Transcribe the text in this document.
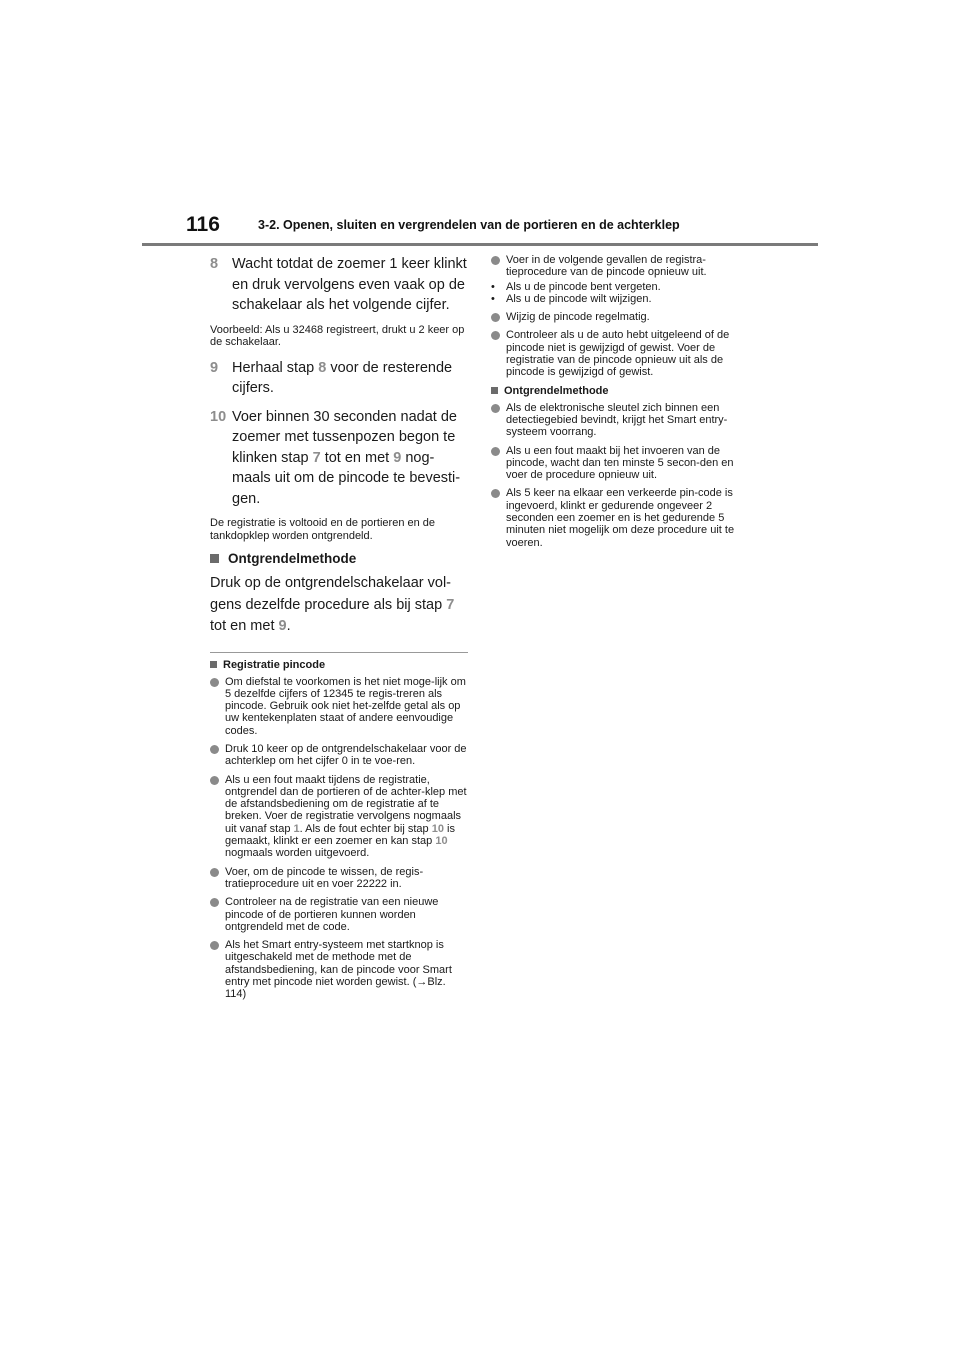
116	3-2. Openen, sluiten en vergrendelen van de portieren en de achterklep
8 Wacht totdat de zoemer 1 keer klinkt en druk vervolgens even vaak op de schakelaar als het volgende cijfer.

Voorbeeld: Als u 32468 registreert, drukt u 2 keer op de schakelaar.

9 Herhaal stap 8 voor de resterende cijfers.
10 Voer binnen 30 seconden nadat de zoemer met tussenpozen begon te klinken stap 7 tot en met 9 nog-maals uit om de pincode te bevesti-gen.

De registratie is voltooid en de portieren en de tankdopklep worden ontgrendeld.

Ontgrendelmethode

Druk op de ontgrendelschakelaar vol-gens dezelfde procedure als bij stap 7 tot en met 9.

Registratie pincode
Om diefstal te voorkomen is het niet moge-lijk om 5 dezelfde cijfers of 12345 te regis-treren als pincode. Gebruik ook niet het-zelfde getal als op uw kentekenplaten staat of andere eenvoudige codes.
Druk 10 keer op de ontgrendelschakelaar voor de achterklep om het cijfer 0 in te voe-ren.
Als u een fout maakt tijdens de registratie, ontgrendel dan de portieren of de achter-klep met de afstandsbediening om de registratie af te breken. Voer de registratie vervolgens nogmaals uit vanaf stap 1. Als de fout echter bij stap 10 is gemaakt, klinkt er een zoemer en kan stap 10 nogmaals worden uitgevoerd.
Voer, om de pincode te wissen, de regis-tratieprocedure uit en voer 22222 in.
Controleer na de registratie van een nieuwe pincode of de portieren kunnen worden ontgrendeld met de code.
Als het Smart entry-systeem met startknop is uitgeschakeld met de methode met de afstandsbediening, kan de pincode voor Smart entry met pincode niet worden gewist. (→Blz. 114)
Voer in de volgende gevallen de registra-tieprocedure van de pincode opnieuw uit.
•	Als u de pincode bent vergeten.
•	Als u de pincode wilt wijzigen.
Wijzig de pincode regelmatig.
Controleer als u de auto hebt uitgeleend of de pincode niet is gewijzigd of gewist. Voer de registratie van de pincode opnieuw uit als de pincode is gewijzigd of gewist.
Ontgrendelmethode
Als de elektronische sleutel zich binnen een detectiegebied bevindt, krijgt het Smart entry-systeem voorrang.
Als u een fout maakt bij het invoeren van de pincode, wacht dan ten minste 5 secon-den en voer de procedure opnieuw uit.
Als 5 keer na elkaar een verkeerde pin-code is ingevoerd, klinkt er gedurende ongeveer 2 seconden een zoemer en is het gedurende 5 minuten niet mogelijk om deze procedure uit te voeren.
